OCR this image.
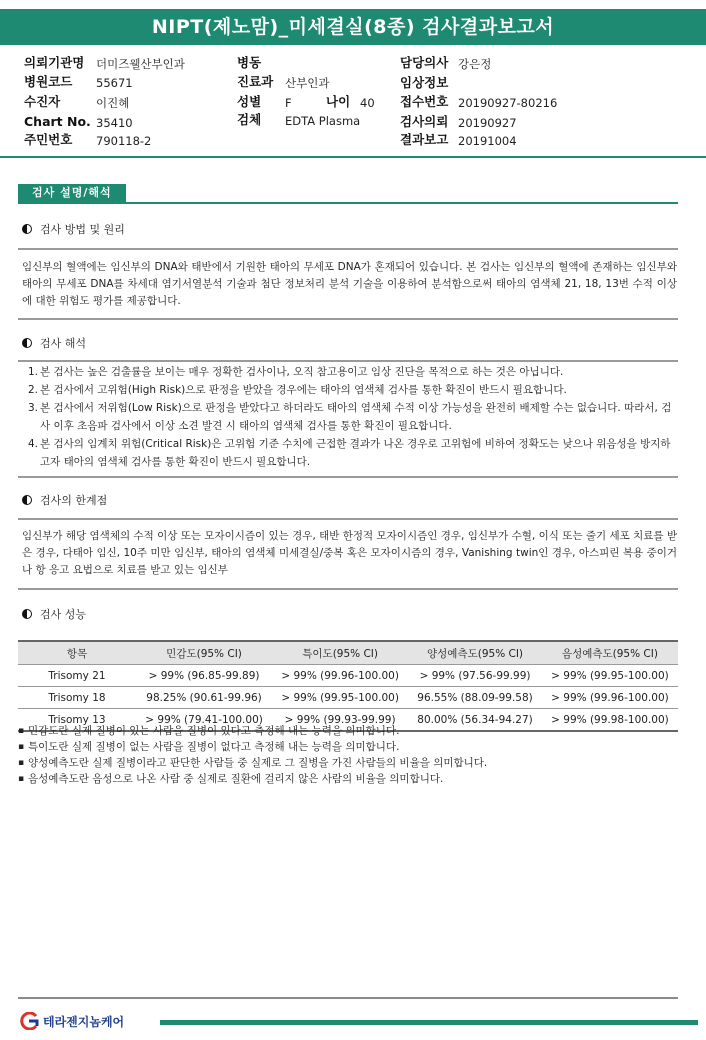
NIPT(제노맘)_미세결실(8종) 검사결과보고서
의뢰기관명 더미즈웰산부인과
병원코드 55671
수진자	이진혜
Chart No. 35410
주민번호 790118-2
병동
진료과 산부인과
성별 F	나이 40
검체 EDTA Plasma
담당의사 강은정
임상정보
접수번호 20190927-80216
검사의뢰 20190927
결과보고 20191004
검사 설명/해석
검사 방법 및 원리
임신부의 혈액에는 임신부의 DNA와 태반에서 기원한 태아의 무세포 DNA가 혼재되어 있습니다. 본 검사는 임신부의 혈액에 존재하는 임신부와 태아의 무세포 DNA를 차세대 염기서열분석 기술과 첨단 정보처리 분석 기술을 이용하여 분석함으로써 태아의 염색체 21, 18, 13번 수적 이상에 대한 위험도 평가를 제공합니다.
검사 해석
1. 본 검사는 높은 검출률을 보이는 매우 정확한 검사이나, 오직 참고용이고 임상 진단을 목적으로 하는 것은 아닙니다.
2. 본 검사에서 고위험(High Risk)으로 판정을 받았을 경우에는 태아의 염색체 검사를 통한 확진이 반드시 필요합니다.
3. 본 검사에서 저위험(Low Risk)으로 판정을 받았다고 하더라도 태아의 염색체 수적 이상 가능성을 완전히 배제할 수는 없습니다. 따라서, 검사 이후 초음파 검사에서 이상 소견 발견 시 태아의 염색체 검사를 통한 확진이 필요합니다.
4. 본 검사의 임계치 위험(Critical Risk)은 고위험 기준 수치에 근접한 결과가 나온 경우로 고위험에 비하여 정확도는 낮으나 위음성을 방지하고자 태아의 염색체 검사를 통한 확진이 반드시 필요합니다.
검사의 한계점
임신부가 해당 염색체의 수적 이상 또는 모자이시즘이 있는 경우, 태반 한정적 모자이시즘인 경우, 임신부가 수혈, 이식 또는 줄기 세포 치료를 받은 경우, 다태아 임신, 10주 미만 임신부, 태아의 염색체 미세결실/중복 혹은 모자이시즘의 경우, Vanishing twin인 경우, 아스피린 복용 중이거나 항 응고 요법으로 치료를 받고 있는 임신부
검사 성능
항목	민감도(95% CI)	특이도(95% CI)	양성예측도(95% CI)	음성예측도(95% CI)
Trisomy 21	> 99% (96.85-99.89)	> 99% (99.96-100.00)	> 99% (97.56-99.99)	> 99% (99.95-100.00)
Trisomy 18	98.25% (90.61-99.96)	> 99% (99.95-100.00)	96.55% (88.09-99.58)	> 99% (99.96-100.00)
Trisomy 13	> 99% (79.41-100.00)	> 99% (99.93-99.99)	80.00% (56.34-94.27)	> 99% (99.98-100.00)
▪ 민감도란 실제 질병이 있는 사람을 질병이 있다고 측정해 내는 능력을 의미합니다.
▪ 특이도란 실제 질병이 없는 사람을 질병이 없다고 측정해 내는 능력을 의미합니다.
▪ 양성예측도란 실제 질병이라고 판단한 사람들 중 실제로 그 질병을 가진 사람들의 비율을 의미합니다.
▪ 음성예측도란 음성으로 나온 사람 중 실제로 질환에 걸리지 않은 사람의 비율을 의미합니다.
테라젠지놈케어
